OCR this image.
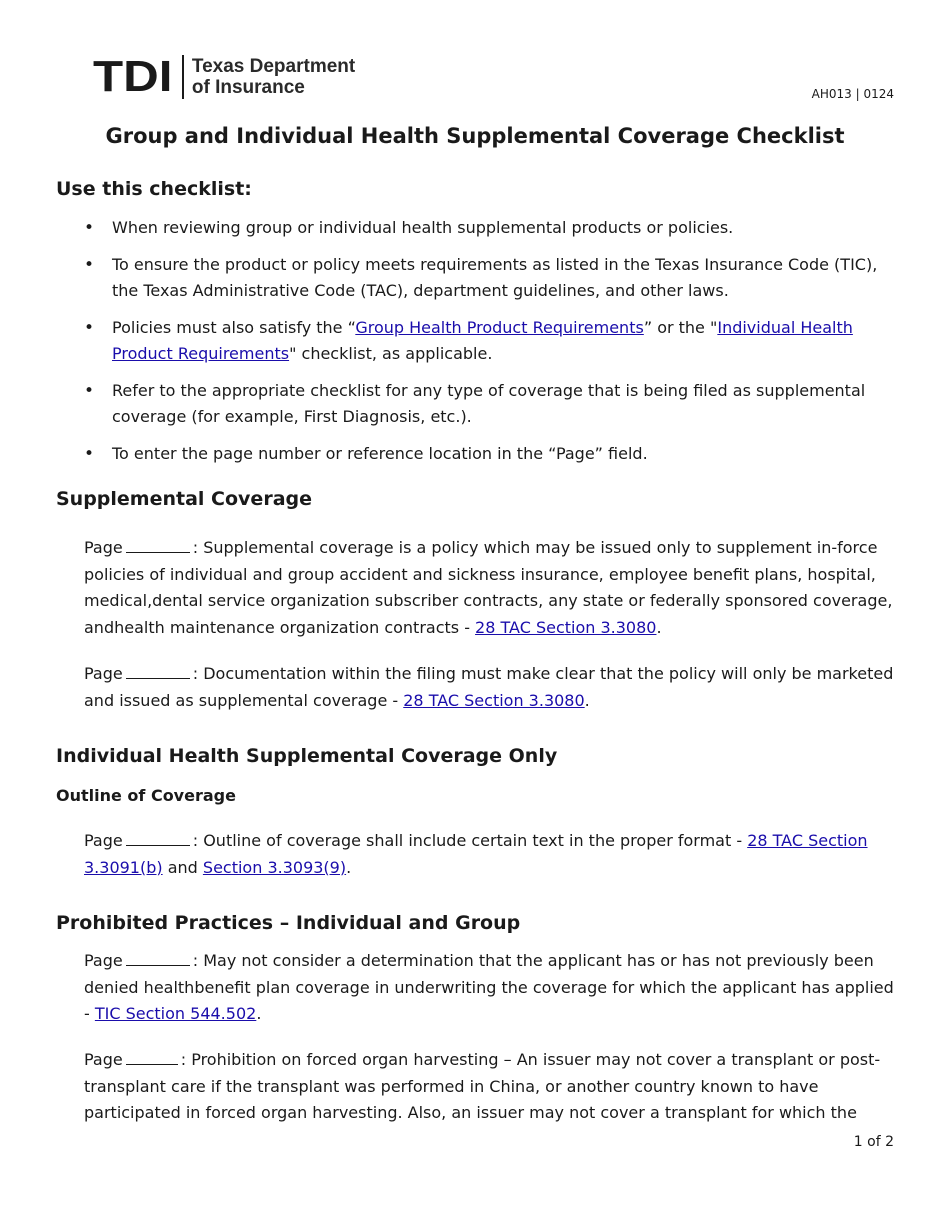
TDI Texas Department
of Insurance	AH013 | 0124
Group and Individual Health Supplemental Coverage Checklist
Use this checklist:
• When reviewing group or individual health supplemental products or policies.
• To ensure the product or policy meets requirements as listed in the Texas Insurance Code (TIC), the Texas Administrative Code (TAC), department guidelines, and other laws.
• Policies must also satisfy the “Group Health Product Requirements” or the "Individual Health Product Requirements" checklist, as applicable.
• Refer to the appropriate checklist for any type of coverage that is being filed as supplemental coverage (for example, First Diagnosis, etc.).
• To enter the page number or reference location in the “Page” field.
Supplemental Coverage

Page	: Supplemental coverage is a policy which may be issued only to supplement in-force policies of individual and group accident and sickness insurance, employee benefit plans, hospital, medical,dental service organization subscriber contracts, any state or federally sponsored coverage, andhealth maintenance organization contracts - 28 TAC Section 3.3080.

Page	: Documentation within the filing must make clear that the policy will only be marketed and issued as supplemental coverage - 28 TAC Section 3.3080.

Individual Health Supplemental Coverage Only
Outline of Coverage

Page	: Outline of coverage shall include certain text in the proper format - 28 TAC Section 3.3091(b) and Section 3.3093(9).

Prohibited Practices – Individual and Group

Page	: May not consider a determination that the applicant has or has not previously been denied healthbenefit plan coverage in underwriting the coverage for which the applicant has applied - TIC Section 544.502.

Page	: Prohibition on forced organ harvesting – An issuer may not cover a transplant or post-transplant care if the transplant was performed in China, or another country known to have participated in forced organ harvesting. Also, an issuer may not cover a transplant for which the

1 of 2
